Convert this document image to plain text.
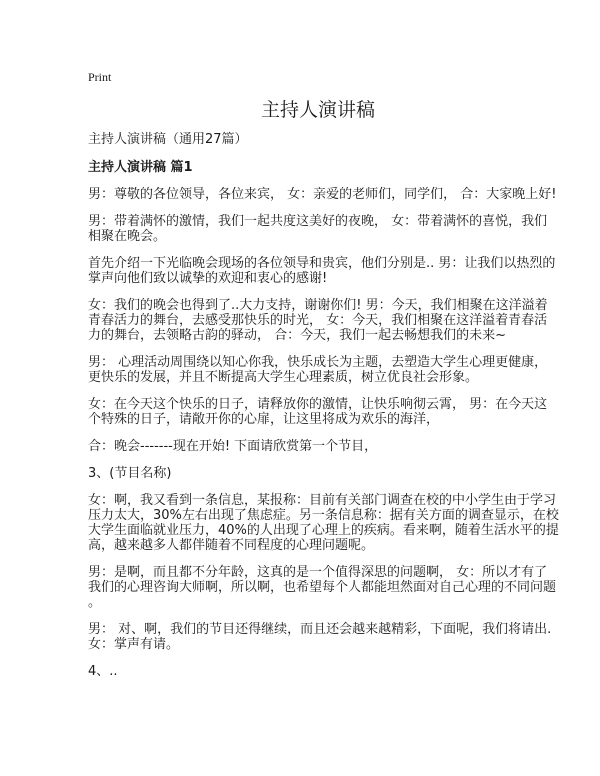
Print
主持人演讲稿
主持人演讲稿（通用27篇）
主持人演讲稿 篇1
男：尊敬的各位领导，各位来宾， 女：亲爱的老师们，同学们， 合：大家晚上好!
男：带着满怀的激情，我们一起共度这美好的夜晚， 女：带着满怀的喜悦，我们
相聚在晚会。
首先介绍一下光临晚会现场的各位领导和贵宾，他们分别是.. 男：让我们以热烈的
掌声向他们致以诚挚的欢迎和衷心的感谢!
女：我们的晚会也得到了..大力支持，谢谢你们! 男：今天，我们相聚在这洋溢着
青春活力的舞台，去感受那快乐的时光， 女：今天，我们相聚在这洋溢着青春活
力的舞台，去领略古韵的驿动， 合：今天，我们一起去畅想我们的未来~
男： 心理活动周围绕以知心你我，快乐成长为主题，去塑造大学生心理更健康，
更快乐的发展，并且不断提高大学生心理素质，树立优良社会形象。
女：在今天这个快乐的日子，请释放你的激情，让快乐响彻云霄， 男：在今天这
个特殊的日子，请敞开你的心扉，让这里将成为欢乐的海洋，
合：晚会-------现在开始! 下面请欣赏第一个节目，
3、(节目名称)
女：啊，我又看到一条信息，某报称：目前有关部门调查在校的中小学生由于学习
压力太大，30%左右出现了焦虑症。另一条信息称：据有关方面的调查显示，在校
大学生面临就业压力，40%的人出现了心理上的疾病。看来啊，随着生活水平的提
高，越来越多人都伴随着不同程度的心理问题呢。
男：是啊，而且都不分年龄，这真的是一个值得深思的问题啊， 女：所以才有了
我们的心理咨询大师啊，所以啊，也希望每个人都能坦然面对自己心理的不同问题
。
男： 对、啊，我们的节目还得继续，而且还会越来越精彩，下面呢，我们将请出.
女：掌声有请。
4、..
